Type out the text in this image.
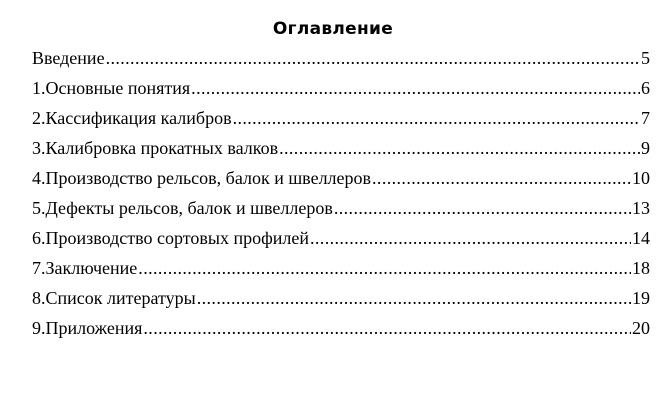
Оглавление
Введение .....	5
1.Основные понятия .....	6
2.Кассификация калибров .....	7
3.Калибровка прокатных валков .....	9
4.Производство рельсов, балок и швеллеров .....	10
5.Дефекты рельсов, балок и швеллеров .....	13
6.Производство сортовых профилей .....	14
7.Заключение .....	18
8.Список литературы .....	19
9.Приложения .....	20
